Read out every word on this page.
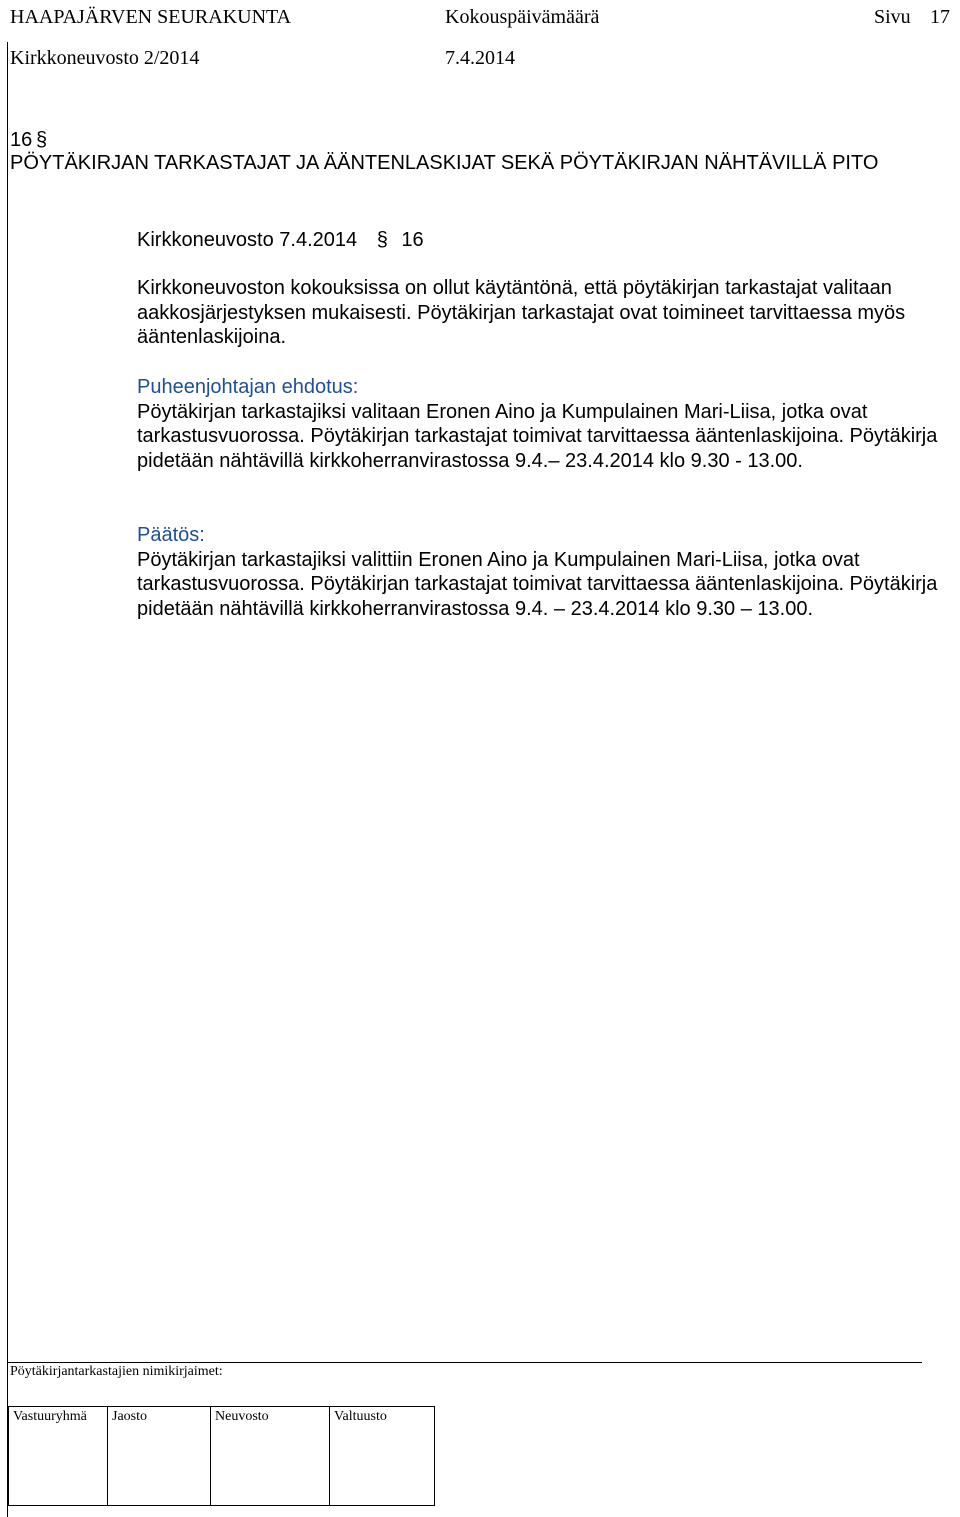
HAAPAJÄRVEN SEURAKUNTA	Kokouspäivämäärä	Sivu 17
Kirkkoneuvosto 2/2014	7.4.2014
16 §
PÖYTÄKIRJAN TARKASTAJAT JA ÄÄNTENLASKIJAT SEKÄ PÖYTÄKIRJAN NÄHTÄVILLÄ PITO
Kirkkoneuvosto 7.4.2014 § 16

Kirkkoneuvoston kokouksissa on ollut käytäntönä, että pöytäkirjan tarkastajat valitaan aakkosjärjestyksen mukaisesti. Pöytäkirjan tarkastajat ovat toimineet tarvittaessa myös ääntenlaskijoina.

Puheenjohtajan ehdotus:

Pöytäkirjan tarkastajiksi valitaan Eronen Aino ja Kumpulainen Mari-Liisa, jotka ovat tarkastusvuorossa. Pöytäkirjan tarkastajat toimivat tarvittaessa ääntenlaskijoina. Pöytäkirja pidetään nähtävillä kirkkoherranvirastossa 9.4.– 23.4.2014 klo 9.30 - 13.00.

Päätös:

Pöytäkirjan tarkastajiksi valittiin Eronen Aino ja Kumpulainen Mari-Liisa, jotka ovat tarkastusvuorossa. Pöytäkirjan tarkastajat toimivat tarvittaessa ääntenlaskijoina. Pöytäkirja pidetään nähtävillä kirkkoherranvirastossa 9.4. – 23.4.2014 klo 9.30 – 13.00.

Pöytäkirjantarkastajien nimikirjaimet:
Vastuuryhmä	Jaosto	Neuvosto	Valtuusto
